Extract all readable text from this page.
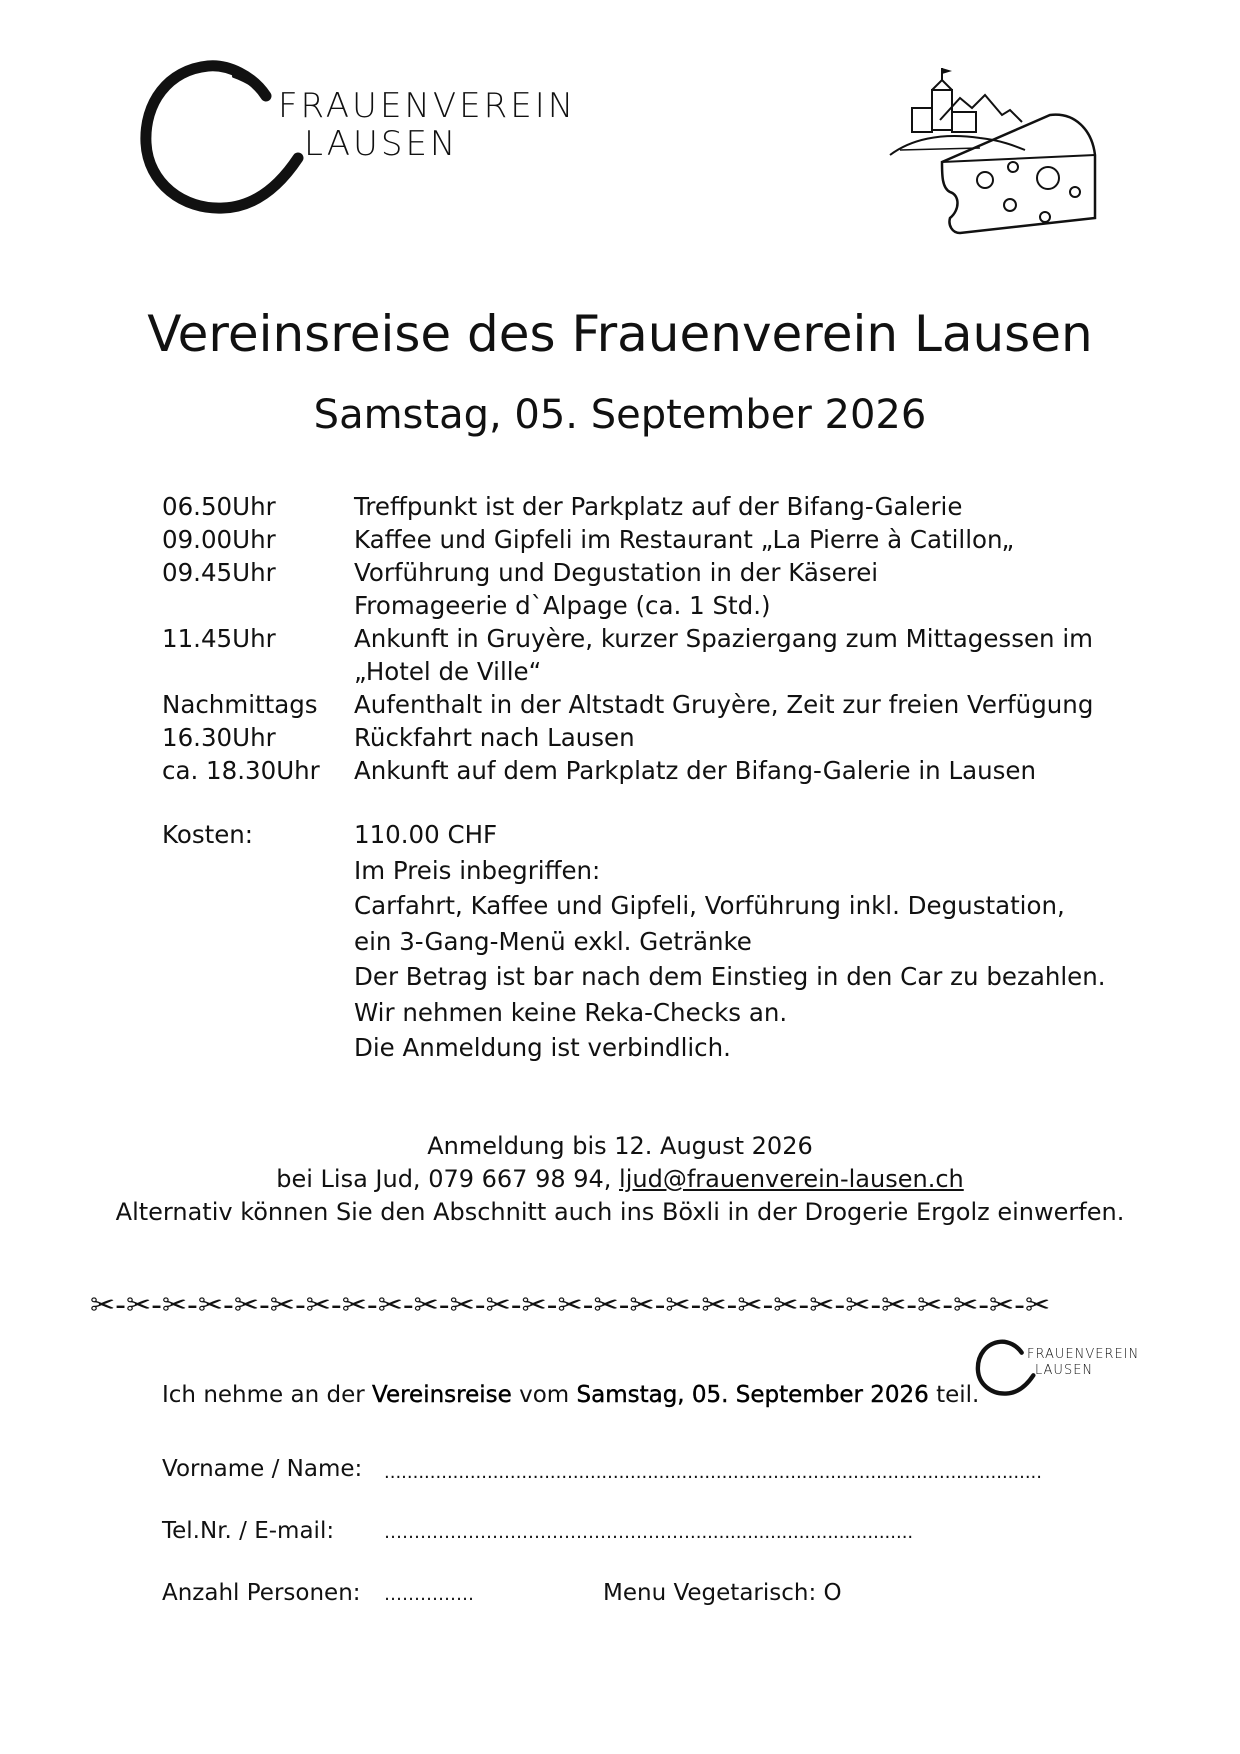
FRAUENVEREIN
LAUSEN
Vereinsreise des Frauenverein Lausen
Samstag, 05. September 2026
06.50Uhr	Treffpunkt ist der Parkplatz auf der Bifang-Galerie
09.00Uhr	Kaffee und Gipfeli im Restaurant „La Pierre à Catillon„
09.45Uhr	Vorführung und Degustation in der Käserei
Fromageerie d`Alpage (ca. 1 Std.)
11.45Uhr	Ankunft in Gruyère, kurzer Spaziergang zum Mittagessen im
„Hotel de Ville“
Nachmittags	Aufenthalt in der Altstadt Gruyère, Zeit zur freien Verfügung
16.30Uhr	Rückfahrt nach Lausen
ca. 18.30Uhr	Ankunft auf dem Parkplatz der Bifang-Galerie in Lausen
Kosten:	110.00 CHF
Im Preis inbegriffen:
Carfahrt, Kaffee und Gipfeli, Vorführung inkl. Degustation,
ein 3-Gang-Menü exkl. Getränke
Der Betrag ist bar nach dem Einstieg in den Car zu bezahlen.
Wir nehmen keine Reka-Checks an.
Die Anmeldung ist verbindlich.
Anmeldung bis 12. August 2026
bei Lisa Jud, 079 667 98 94, ljud@frauenverein-lausen.ch
Alternativ können Sie den Abschnitt auch ins Böxli in der Drogerie Ergolz einwerfen.
✂-✂-✂-✂-✂-✂-✂-✂-✂-✂-✂-✂-✂-✂-✂-✂-✂-✂-✂-✂-✂-✂-✂-✂-✂-✂-✂
FRAUENVEREIN
LAUSEN
Ich nehme an der Vereinsreise vom Samstag, 05. September 2026 teil.
Vorname / Name: ...................................................................................................................
Tel.Nr. / E-mail:	…………………………………………….......................................
Anzahl Personen: ……………	Menu Vegetarisch: O
